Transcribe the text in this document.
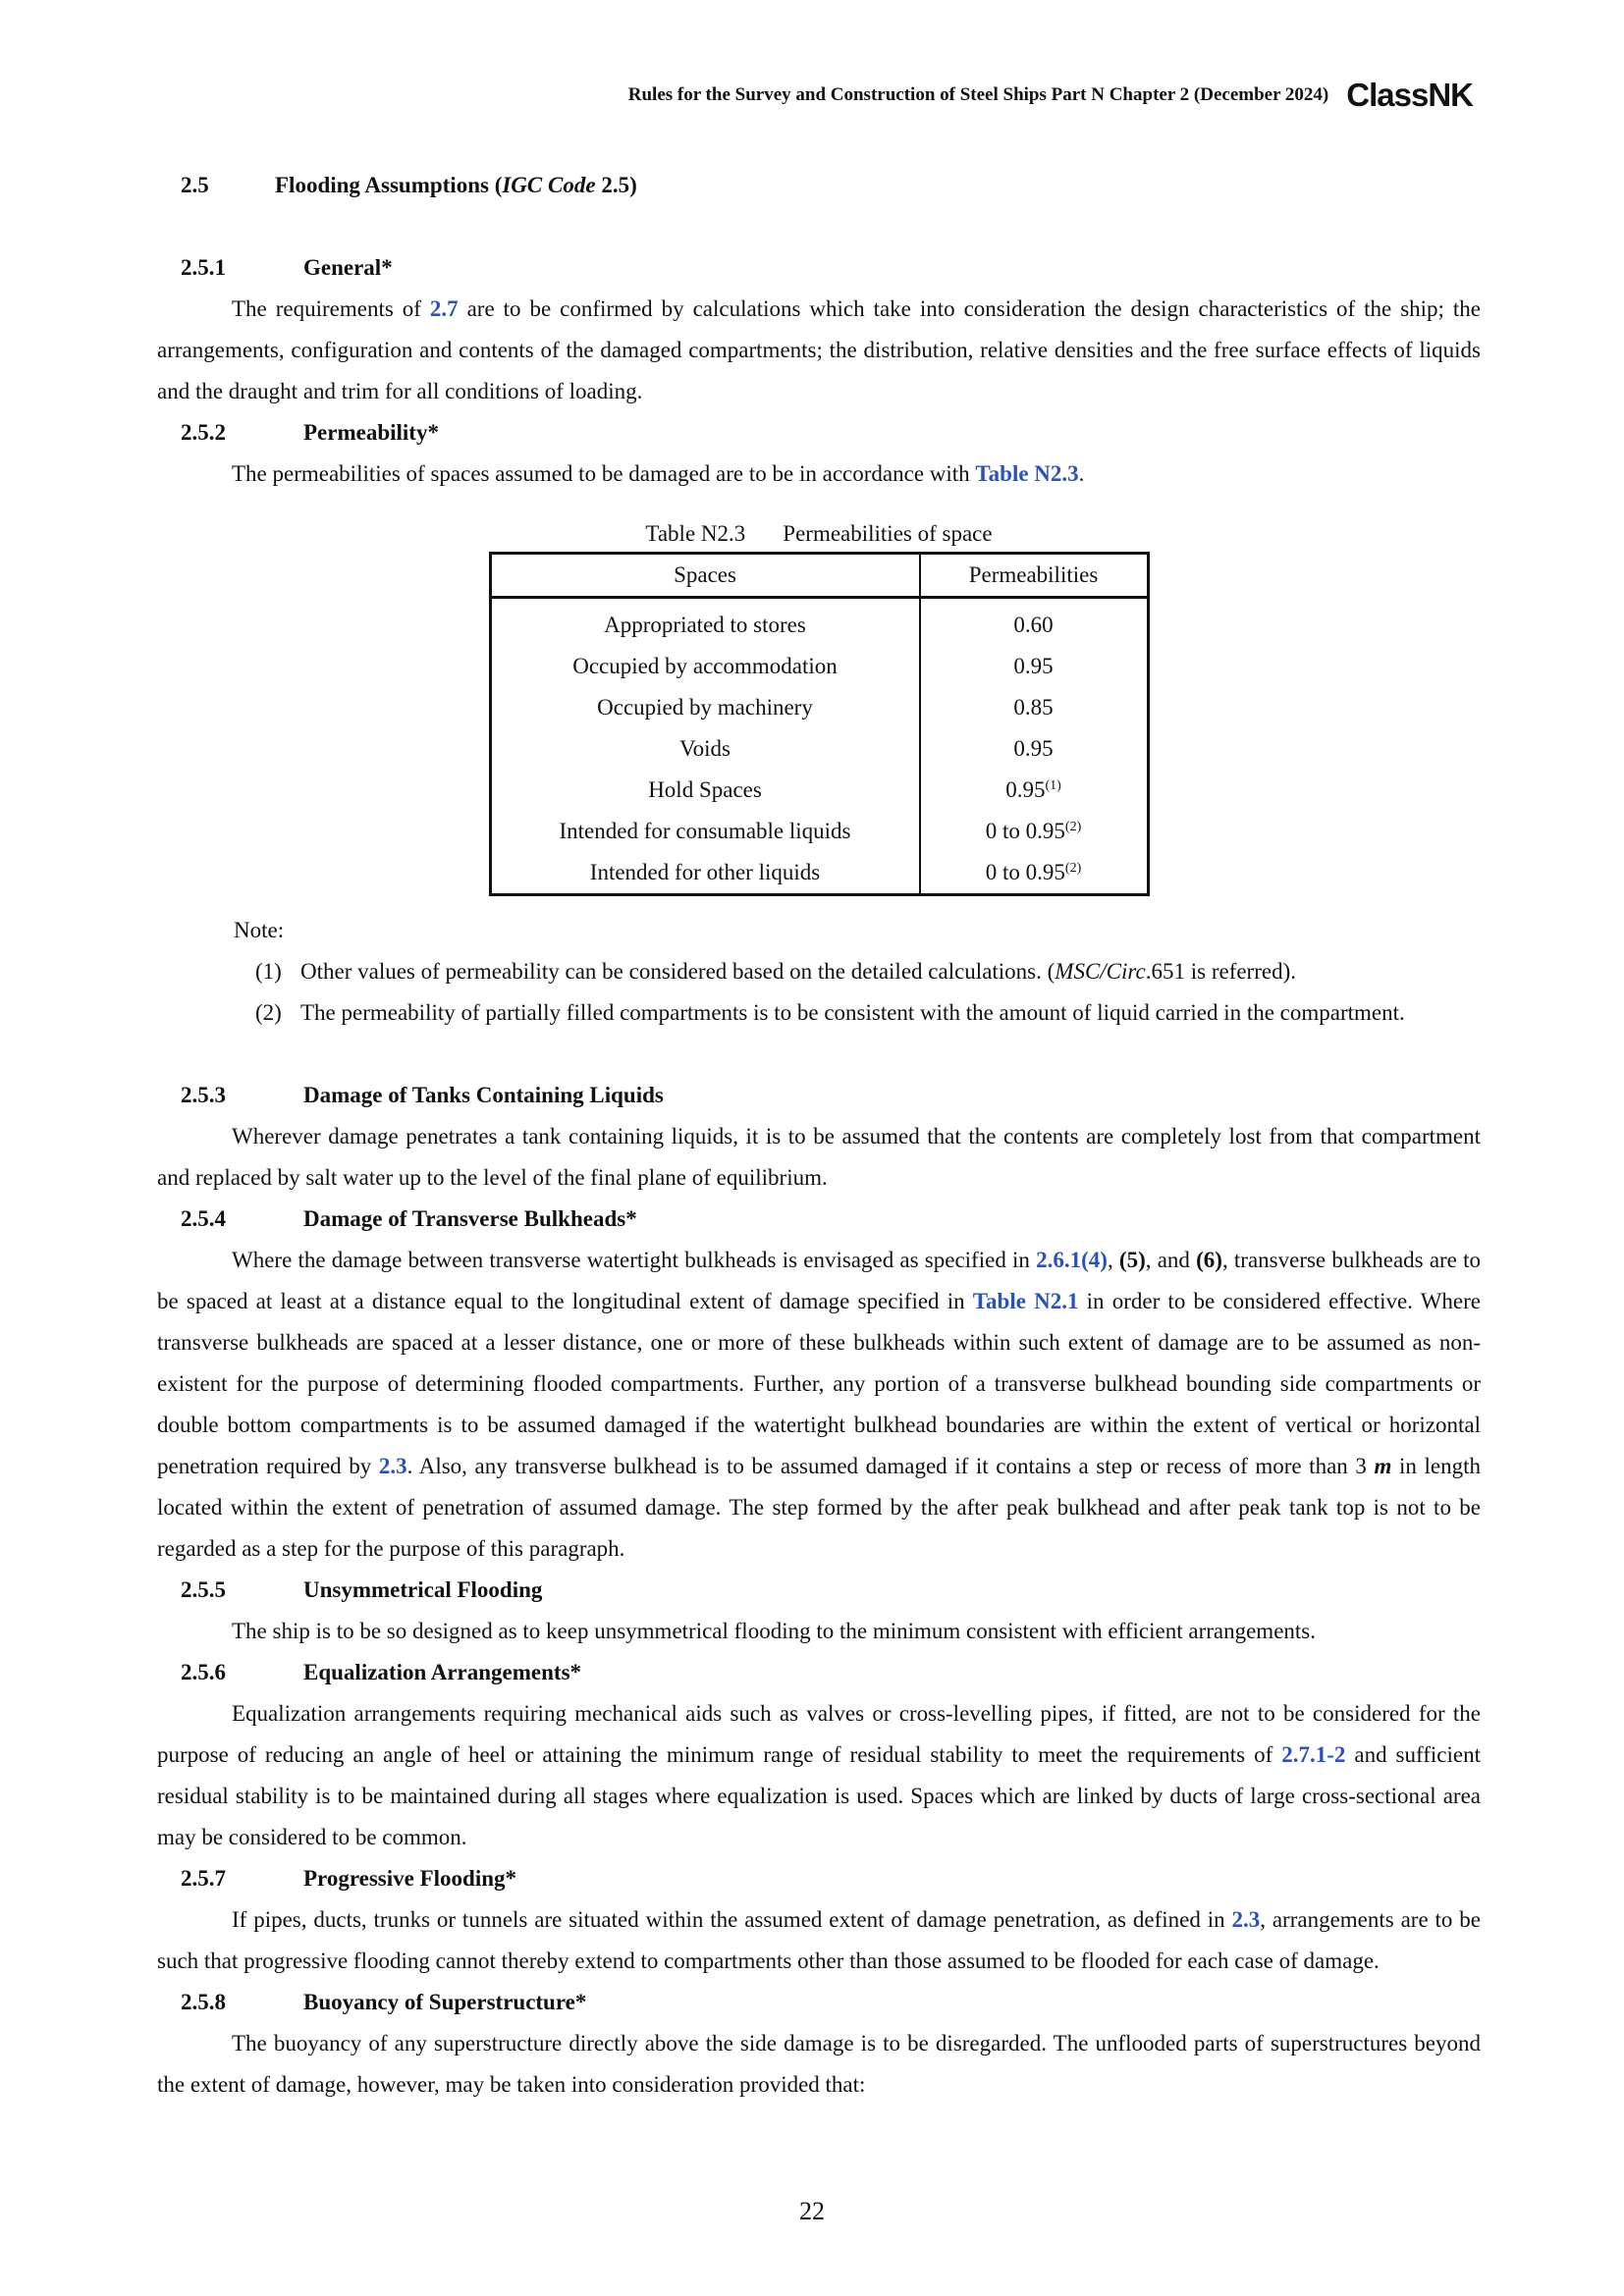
Rules for the Survey and Construction of Steel Ships Part N Chapter 2 (December 2024) ClassNK
2.5	Flooding Assumptions (IGC Code 2.5)
2.5.1	General*

The requirements of 2.7 are to be confirmed by calculations which take into consideration the design characteristics of the ship; the arrangements, configuration and contents of the damaged compartments; the distribution, relative densities and the free surface effects of liquids and the draught and trim for all conditions of loading.

2.5.2	Permeability*

The permeabilities of spaces assumed to be damaged are to be in accordance with Table N2.3.

Table N2.3 Permeabilities of space
Spaces	Permeabilities
Appropriated to stores	0.60
Occupied by accommodation	0.95
Occupied by machinery	0.85
Voids	0.95
Hold Spaces	0.95$^{(1)}$
Intended for consumable liquids	0 to 0.95$^{(2)}$
Intended for other liquids	0 to 0.95$^{(2)}$
Note:
(1) Other values of permeability can be considered based on the detailed calculations. (MSC/Circ.651 is referred).
(2) The permeability of partially filled compartments is to be consistent with the amount of liquid carried in the compartment.
2.5.3	Damage of Tanks Containing Liquids

Wherever damage penetrates a tank containing liquids, it is to be assumed that the contents are completely lost from that compartment and replaced by salt water up to the level of the final plane of equilibrium.

2.5.4	Damage of Transverse Bulkheads*

Where the damage between transverse watertight bulkheads is envisaged as specified in 2.6.1(4), (5), and (6), transverse bulkheads are to be spaced at least at a distance equal to the longitudinal extent of damage specified in Table N2.1 in order to be considered effective. Where transverse bulkheads are spaced at a lesser distance, one or more of these bulkheads within such extent of damage are to be assumed as non-existent for the purpose of determining flooded compartments. Further, any portion of a transverse bulkhead bounding side compartments or double bottom compartments is to be assumed damaged if the watertight bulkhead boundaries are within the extent of vertical or horizontal penetration required by 2.3. Also, any transverse bulkhead is to be assumed damaged if it contains a step or recess of more than 3 m in length located within the extent of penetration of assumed damage. The step formed by the after peak bulkhead and after peak tank top is not to be regarded as a step for the purpose of this paragraph.

2.5.5	Unsymmetrical Flooding

The ship is to be so designed as to keep unsymmetrical flooding to the minimum consistent with efficient arrangements.

2.5.6	Equalization Arrangements*

Equalization arrangements requiring mechanical aids such as valves or cross-levelling pipes, if fitted, are not to be considered for the purpose of reducing an angle of heel or attaining the minimum range of residual stability to meet the requirements of 2.7.1-2 and sufficient residual stability is to be maintained during all stages where equalization is used. Spaces which are linked by ducts of large cross-sectional area may be considered to be common.

2.5.7	Progressive Flooding*

If pipes, ducts, trunks or tunnels are situated within the assumed extent of damage penetration, as defined in 2.3, arrangements are to be such that progressive flooding cannot thereby extend to compartments other than those assumed to be flooded for each case of damage.

2.5.8	Buoyancy of Superstructure*

The buoyancy of any superstructure directly above the side damage is to be disregarded. The unflooded parts of superstructures beyond the extent of damage, however, may be taken into consideration provided that:

22
